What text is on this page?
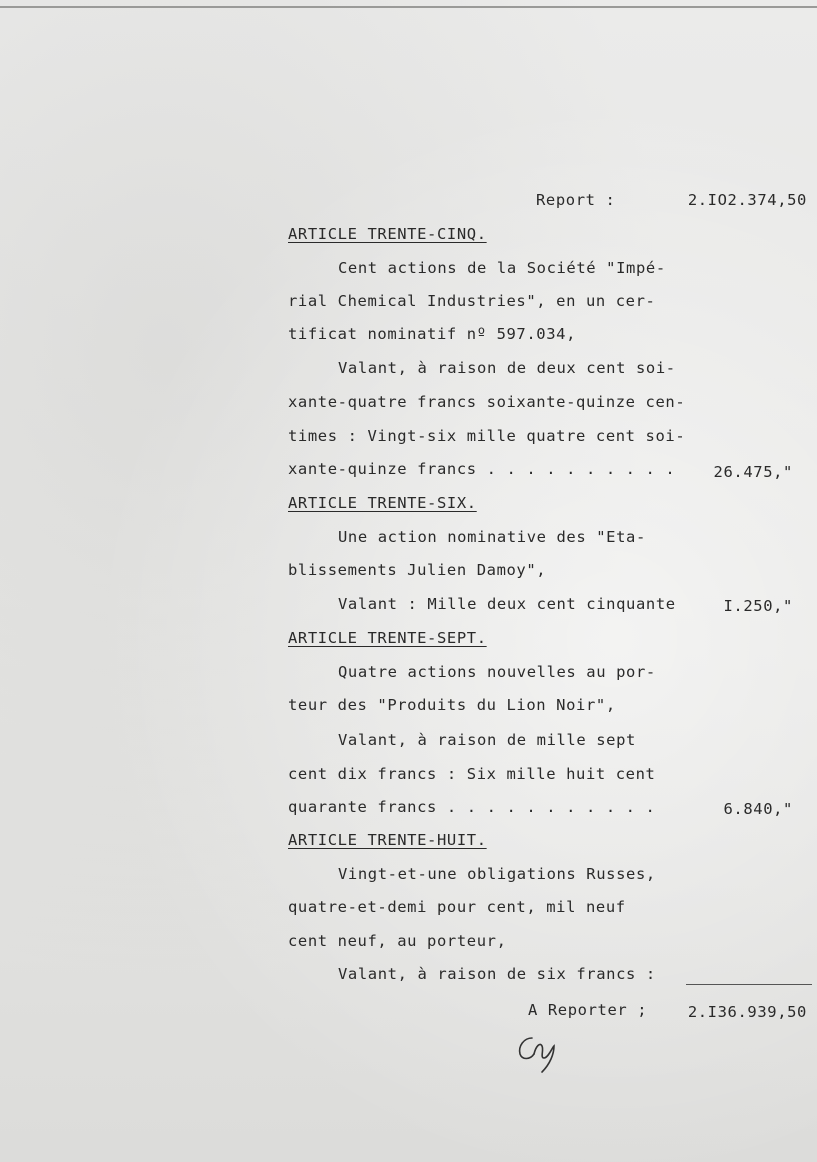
Report :	2.IO2.374,50
ARTICLE TRENTE-CINQ.
Cent actions de la Société "Impé-
rial Chemical Industries", en un cer-
tificat nominatif nº 597.034,
Valant, à raison de deux cent soi-
xante-quatre francs soixante-quinze cen-
times : Vingt-six mille quatre cent soi-
xante-quinze francs . . . . . . . . . . 26.475,"
ARTICLE TRENTE-SIX.
Une action nominative des "Eta-
blissements Julien Damoy",
Valant : Mille deux cent cinquante	I.250,"
ARTICLE TRENTE-SEPT.
Quatre actions nouvelles au por-
teur des "Produits du Lion Noir",
Valant, à raison de mille sept
cent dix francs : Six mille huit cent
quarante francs . . . . . . . . . . .	6.840,"
ARTICLE TRENTE-HUIT.
Vingt-et-une obligations Russes,
quatre-et-demi pour cent, mil neuf
cent neuf, au porteur,
Valant, à raison de six francs :
A Reporter ;	2.I36.939,50
